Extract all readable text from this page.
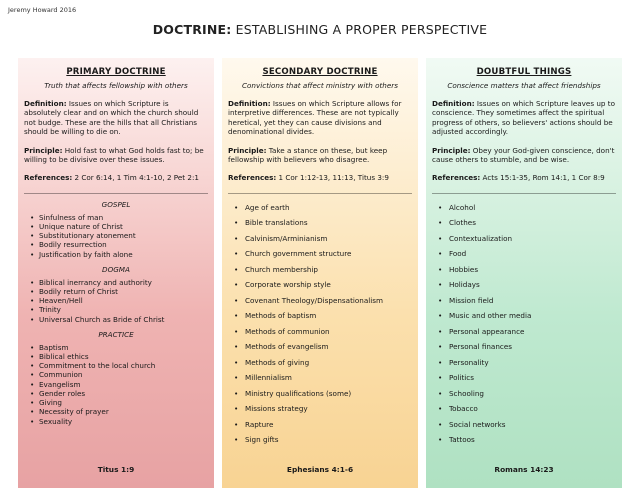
Jeremy Howard 2016
DOCTRINE: ESTABLISHING A PROPER PERSPECTIVE
PRIMARY DOCTRINE
Truth that affects fellowship with others
Definition: Issues on which Scripture is absolutely clear and on which the church should not budge. These are the hills that all Christians should be willing to die on.
Principle: Hold fast to what God holds fast to; be willing to be divisive over these issues.
References: 2 Cor 6:14, 1 Tim 4:1-10, 2 Pet 2:1
GOSPEL
• Sinfulness of man
• Unique nature of Christ
• Substitutionary atonement
• Bodily resurrection
• Justification by faith alone
DOGMA
• Biblical inerrancy and authority
• Bodily return of Christ
• Heaven/Hell
• Trinity
• Universal Church as Bride of Christ
PRACTICE
• Baptism
• Biblical ethics
• Commitment to the local church
• Communion
• Evangelism
• Gender roles
• Giving
• Necessity of prayer
• Sexuality
Titus 1:9
SECONDARY DOCTRINE
Convictions that affect ministry with others
Definition: Issues on which Scripture allows for interpretive differences. These are not typically heretical, yet they can cause divisions and denominational divides.
Principle: Take a stance on these, but keep fellowship with believers who disagree.
References: 1 Cor 1:12-13, 11:13, Titus 3:9
• Age of earth
• Bible translations
• Calvinism/Arminianism
• Church government structure
• Church membership
• Corporate worship style
• Covenant Theology/Dispensationalism
• Methods of baptism
• Methods of communion
• Methods of evangelism
• Methods of giving
• Millennialism
• Ministry qualifications (some)
• Missions strategy
• Rapture
• Sign gifts
Ephesians 4:1-6
DOUBTFUL THINGS
Conscience matters that affect friendships
Definition: Issues on which Scripture leaves up to conscience. They sometimes affect the spiritual progress of others, so believers' actions should be adjusted accordingly.
Principle: Obey your God-given conscience, don't cause others to stumble, and be wise.
References: Acts 15:1-35, Rom 14:1, 1 Cor 8:9
• Alcohol
• Clothes
• Contextualization
• Food
• Hobbies
• Holidays
• Mission field
• Music and other media
• Personal appearance
• Personal finances
• Personality
• Politics
• Schooling
• Tobacco
• Social networks
• Tattoos
Romans 14:23
